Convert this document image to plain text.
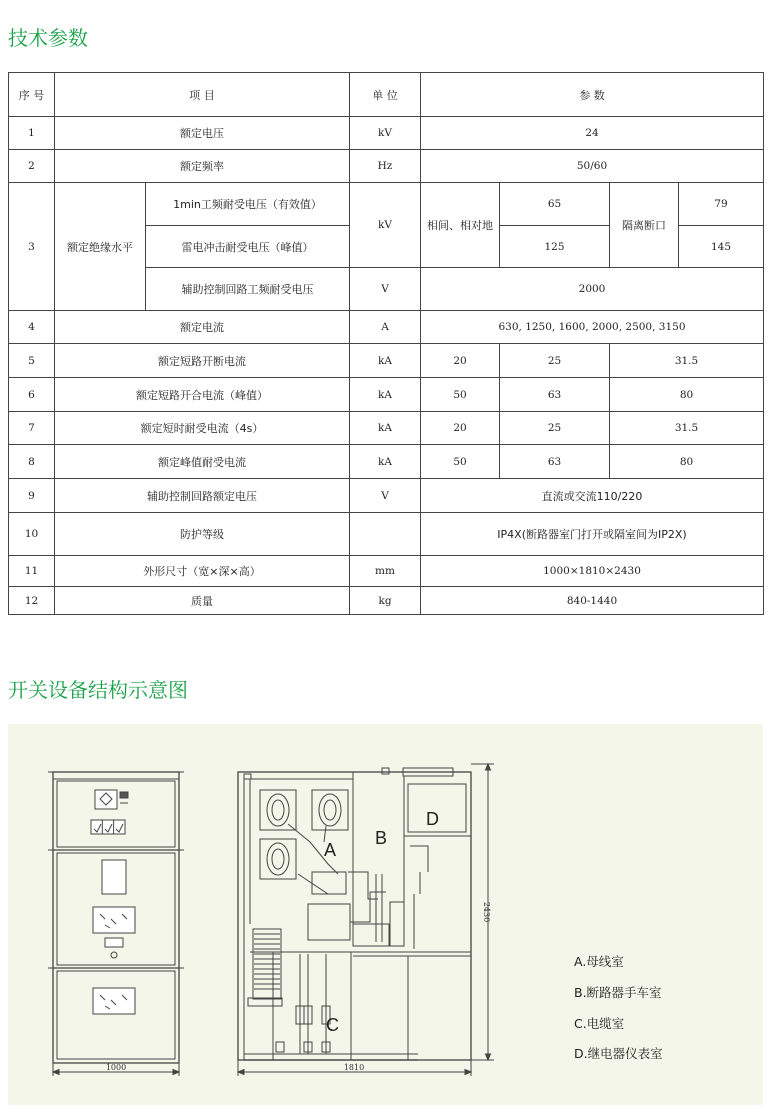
技术参数
序 号	项 目		单 位	参 数			
1	额定电压		kV	24			
2	额定频率		Hz	50/60			
3	额定绝缘水平	1min工频耐受电压（有效值）	kV	相间、相对地	65	隔离断口	79
		雷电冲击耐受电压（峰值）			125		145
		辅助控制回路工频耐受电压	V	2000			
4	额定电流		A	630, 1250, 1600, 2000, 2500, 3150			
5	额定短路开断电流		kA	20	25	31.5	
6	额定短路开合电流（峰值）		kA	50	63	80	
7	额定短时耐受电流（4s）		kA	20	25	31.5	
8	额定峰值耐受电流		kA	50	63	80	
9	辅助控制回路额定电压		V	直流或交流110/220			
10	防护等级			IP4X(断路器室门打开或隔室间为IP2X)			
11	外形尺寸（宽×深×高）		mm	1000×1810×2430			
12	质量		kg	840-1440			
开关设备结构示意图
A
B
C
D
1000	1810
2430
A.母线室
B.断路器手车室
C.电缆室
D.继电器仪表室
